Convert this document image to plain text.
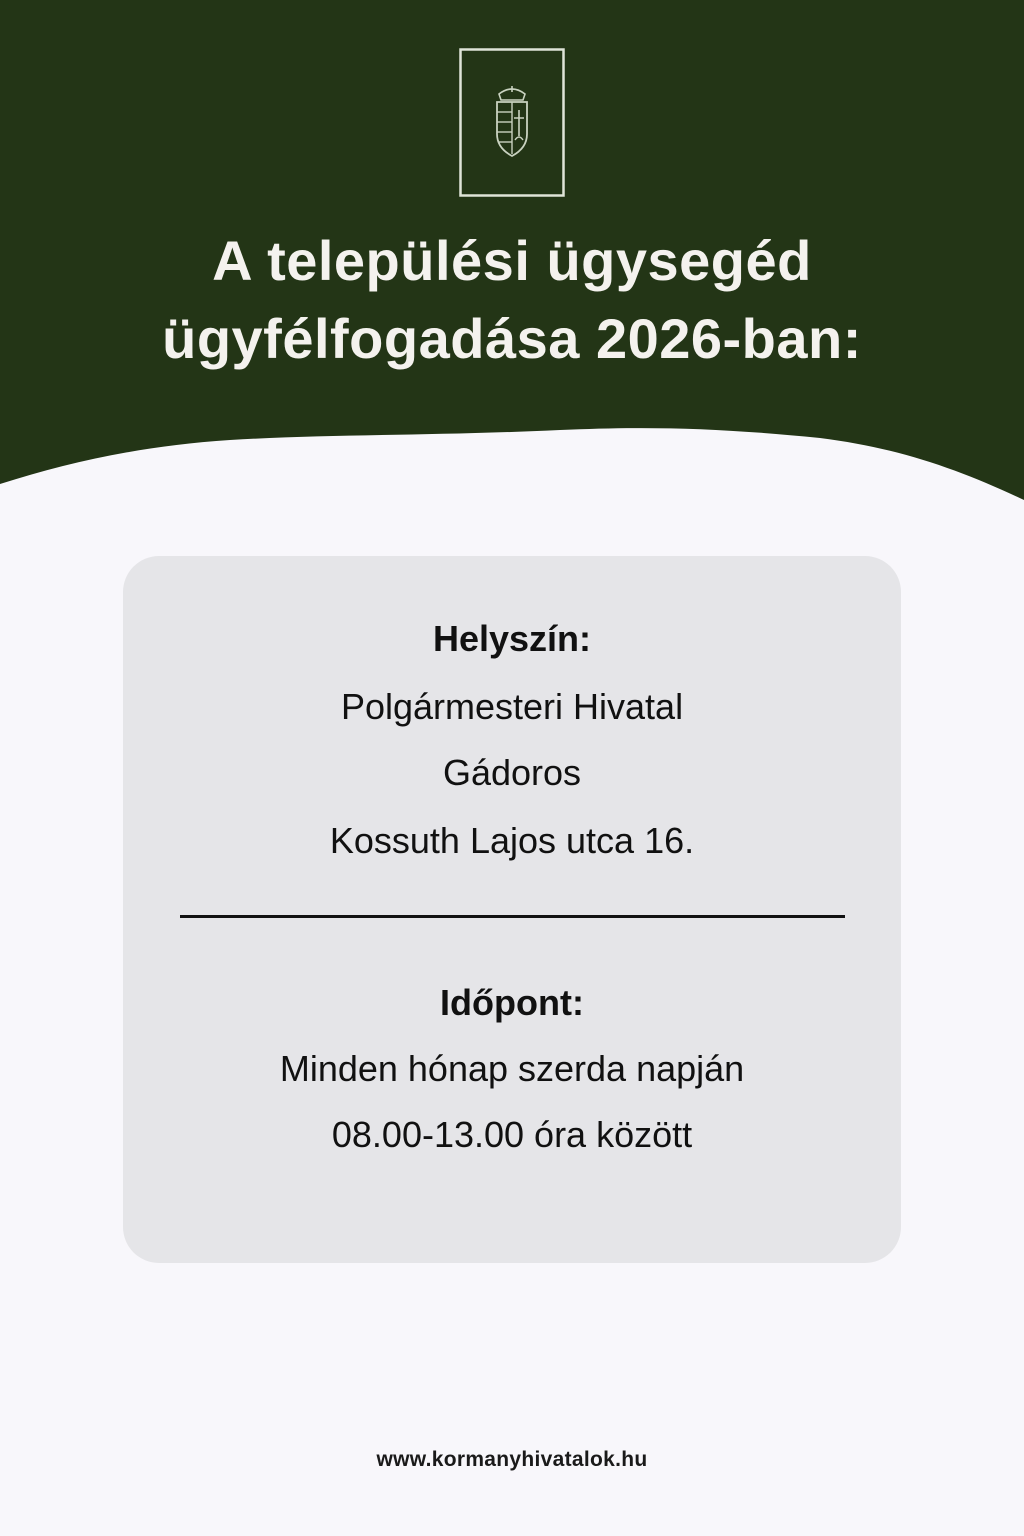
A települési ügysegéd
ügyfélfogadása 2026-ban:
Helyszín:
Polgármesteri Hivatal
Gádoros
Kossuth Lajos utca 16.
Időpont:
Minden hónap szerda napján
08.00-13.00 óra között
www.kormanyhivatalok.hu
